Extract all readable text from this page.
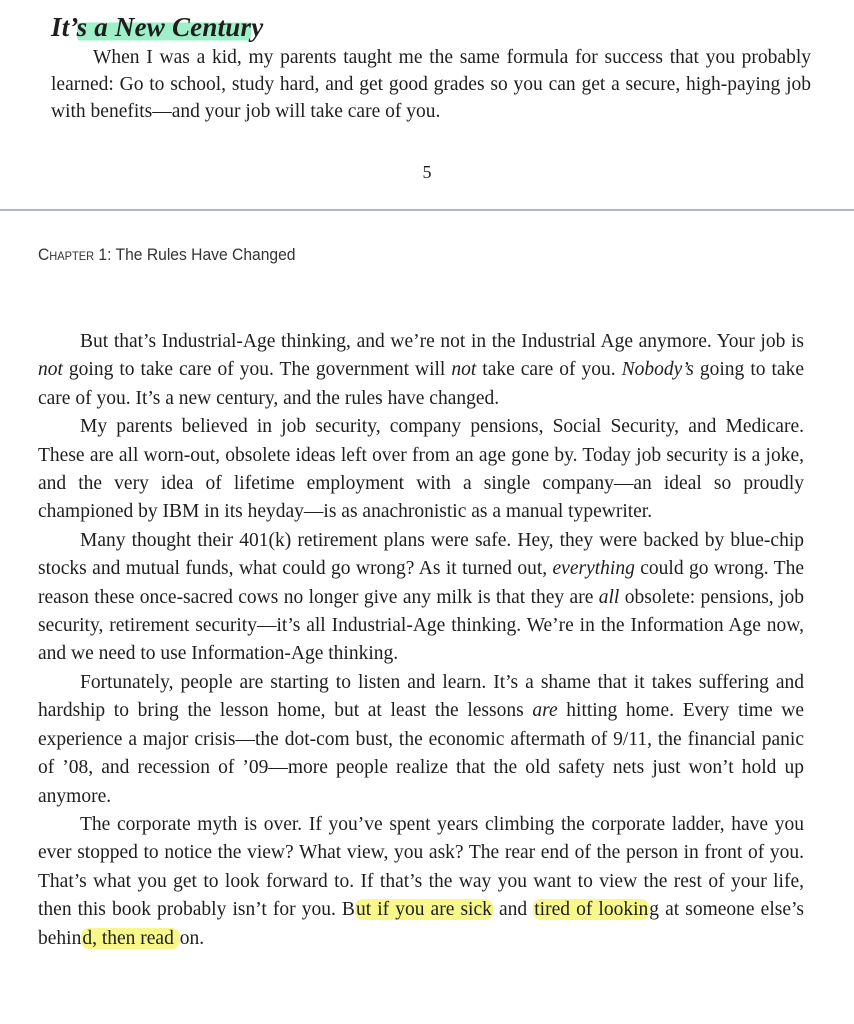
It’s a New Century

When I was a kid, my parents taught me the same formula for success that you probably learned: Go to school, study hard, and get good grades so you can get a secure, high-paying job with benefits—and your job will take care of you.

5
Chapter 1: The Rules Have Changed

But that’s Industrial-Age thinking, and we’re not in the Industrial Age anymore. Your job is not going to take care of you. The government will not take care of you. Nobody’s going to take care of you. It’s a new century, and the rules have changed.

My parents believed in job security, company pensions, Social Security, and Medicare. These are all worn-out, obsolete ideas left over from an age gone by. Today job security is a joke, and the very idea of lifetime employment with a single company—an ideal so proudly championed by IBM in its heyday—is as anachronistic as a manual typewriter.

Many thought their 401(k) retirement plans were safe. Hey, they were backed by blue-chip stocks and mutual funds, what could go wrong? As it turned out, everything could go wrong. The reason these once-sacred cows no longer give any milk is that they are all obsolete: pensions, job security, retirement security—it’s all Industrial-Age thinking. We’re in the Information Age now, and we need to use Information-Age thinking.

Fortunately, people are starting to listen and learn. It’s a shame that it takes suffering and hardship to bring the lesson home, but at least the lessons are hitting home. Every time we experience a major crisis—the dot-com bust, the economic aftermath of 9/11, the financial panic of ’08, and recession of ’09—more people realize that the old safety nets just won’t hold up anymore.

The corporate myth is over. If you’ve spent years climbing the corporate ladder, have you ever stopped to notice the view? What view, you ask? The rear end of the person in front of you. That’s what you get to look forward to. If that’s the way you want to view the rest of your life, then this book probably isn’t for you. But if you are sick and tired of looking at someone else’s behind, then read on.
